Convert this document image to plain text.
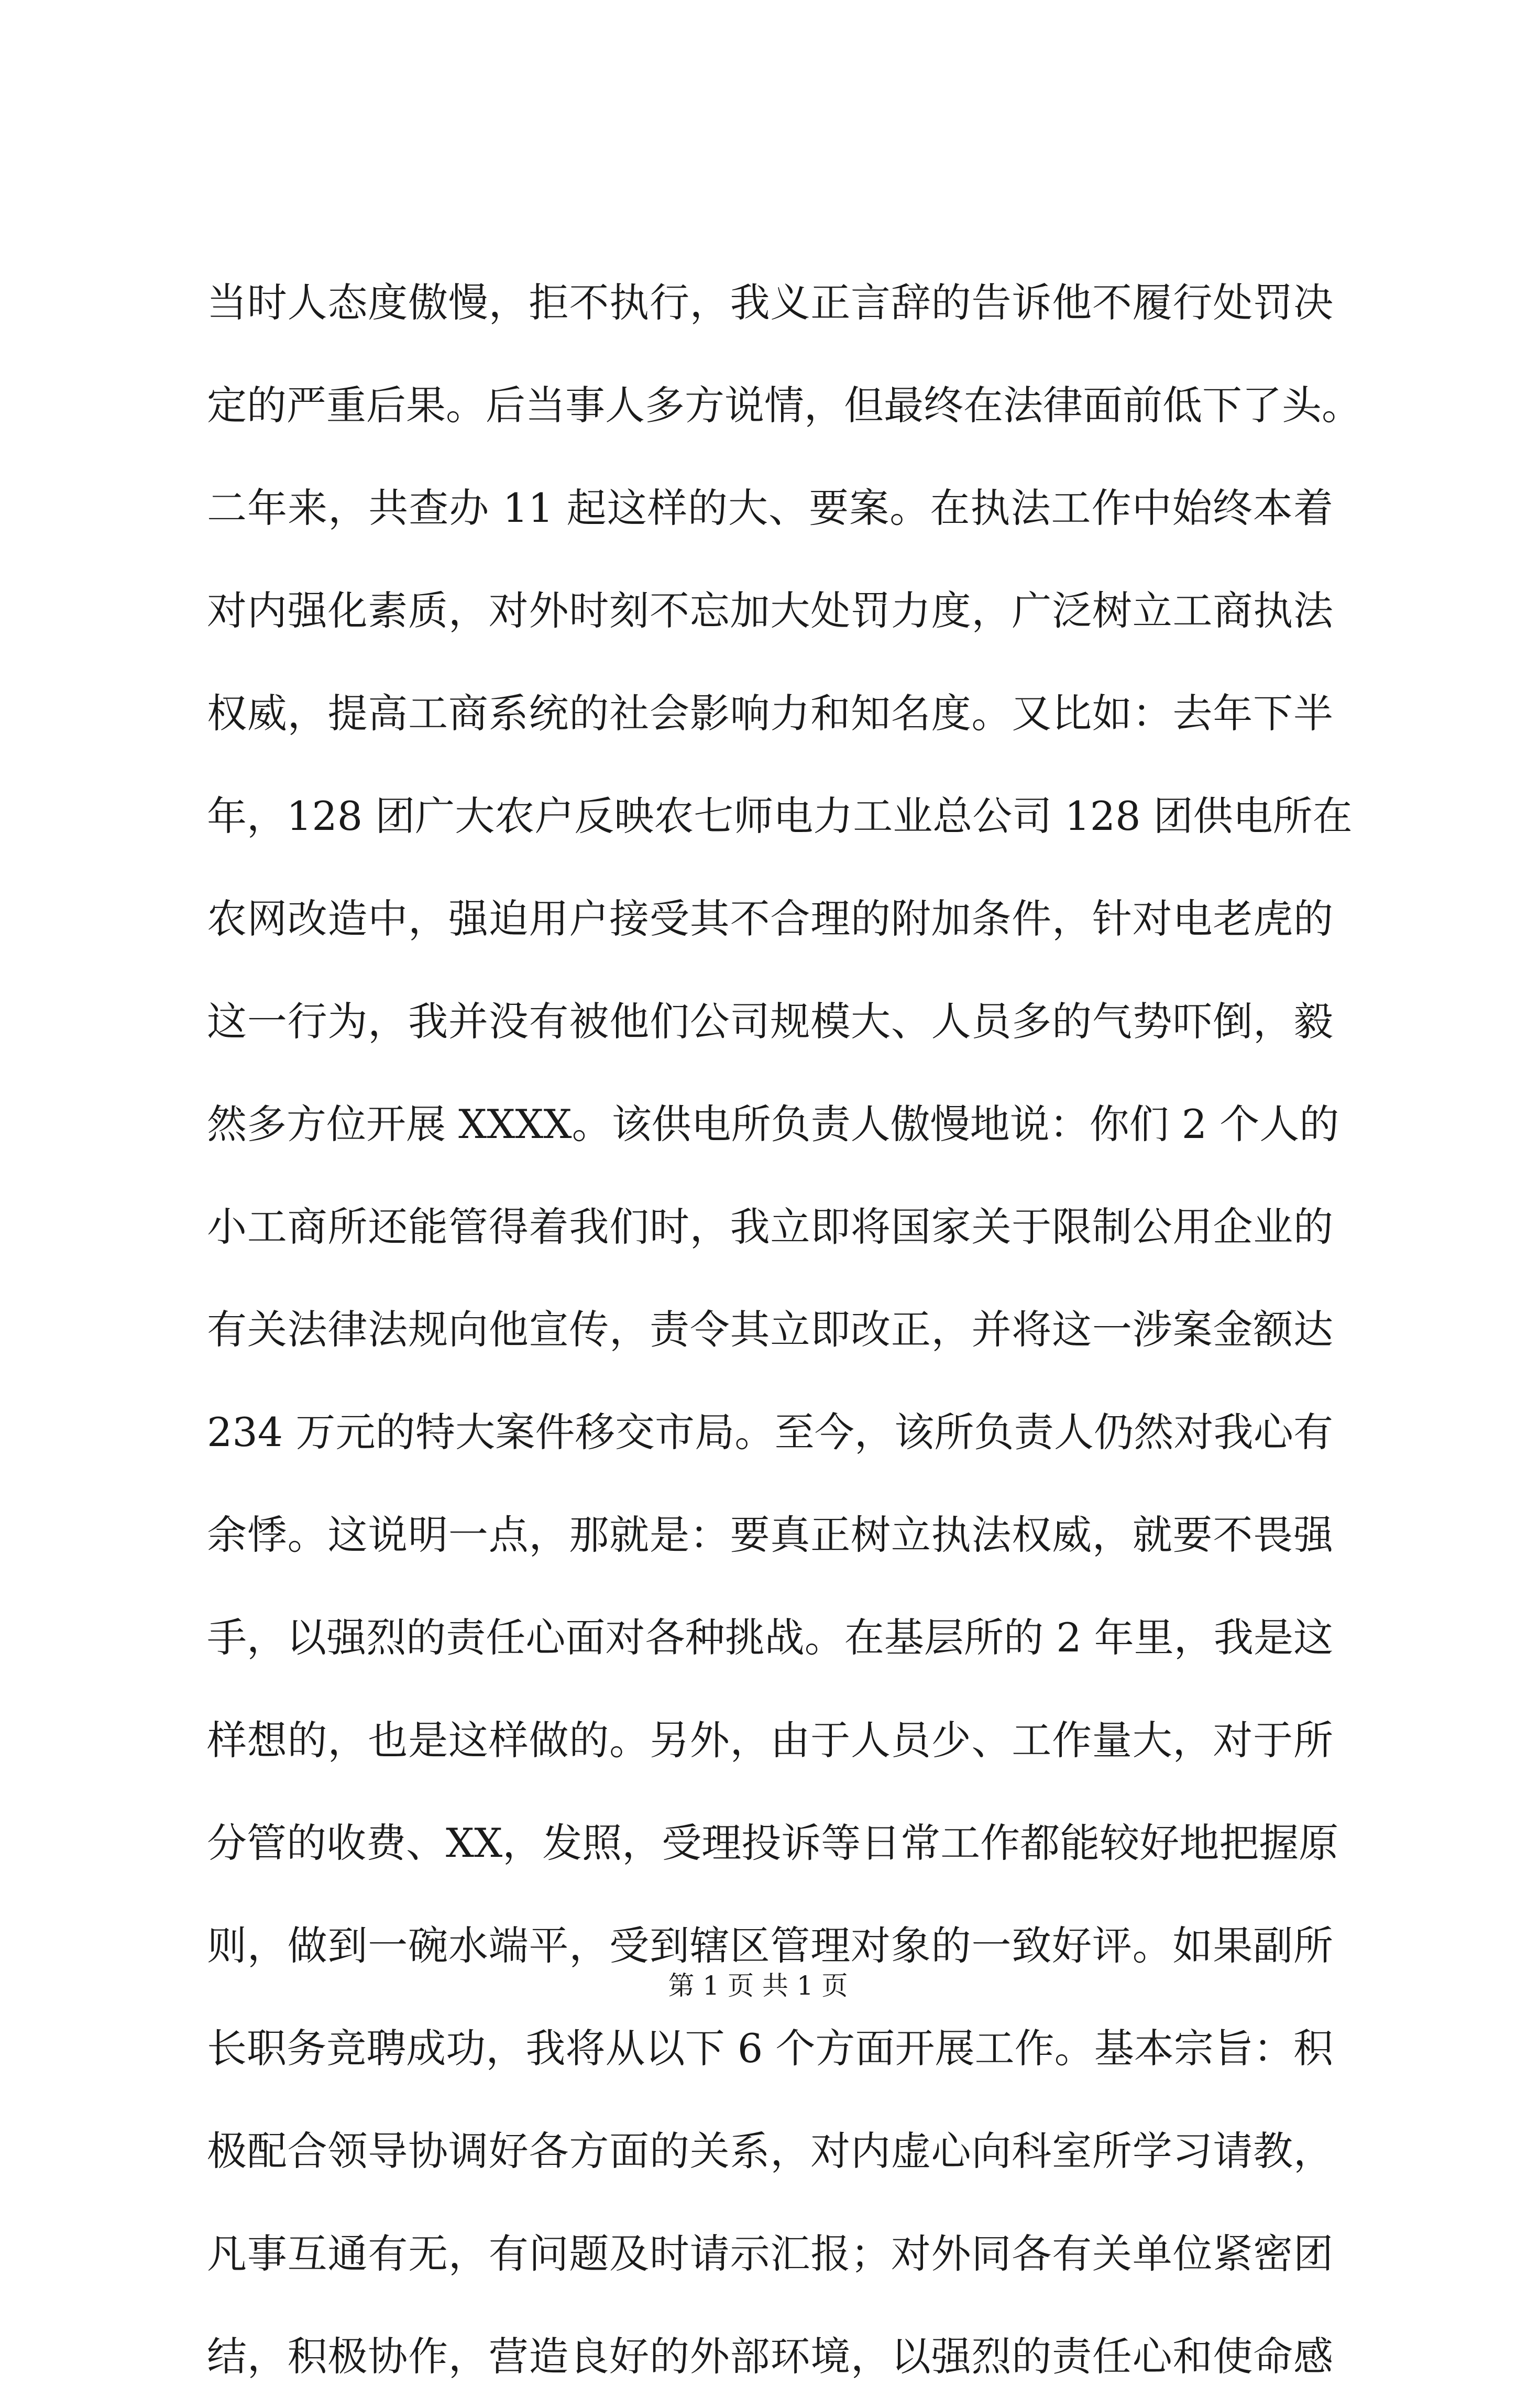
当时人态度傲慢，拒不执行，我义正言辞的告诉他不履行处罚决
定的严重后果。后当事人多方说情，但最终在法律面前低下了头。
二年来，共查办 11 起这样的大、要案。在执法工作中始终本着
对内强化素质，对外时刻不忘加大处罚力度，广泛树立工商执法
权威，提高工商系统的社会影响力和知名度。又比如：去年下半
年，128 团广大农户反映农七师电力工业总公司 128 团供电所在
农网改造中，强迫用户接受其不合理的附加条件，针对电老虎的
这一行为，我并没有被他们公司规模大、人员多的气势吓倒，毅
然多方位开展 XXXX。该供电所负责人傲慢地说：你们 2 个人的
小工商所还能管得着我们时，我立即将国家关于限制公用企业的
有关法律法规向他宣传，责令其立即改正，并将这一涉案金额达
234 万元的特大案件移交市局。至今，该所负责人仍然对我心有
余悸。这说明一点，那就是：要真正树立执法权威，就要不畏强
手，以强烈的责任心面对各种挑战。在基层所的 2 年里，我是这
样想的，也是这样做的。另外，由于人员少、工作量大，对于所
分管的收费、XX，发照，受理投诉等日常工作都能较好地把握原
则，做到一碗水端平，受到辖区管理对象的一致好评。如果副所
长职务竞聘成功，我将从以下 6 个方面开展工作。基本宗旨：积
极配合领导协调好各方面的关系，对内虚心向科室所学习请教，
凡事互通有无，有问题及时请示汇报；对外同各有关单位紧密团
结，积极协作，营造良好的外部环境，以强烈的责任心和使命感
第 1 页 共 1 页
